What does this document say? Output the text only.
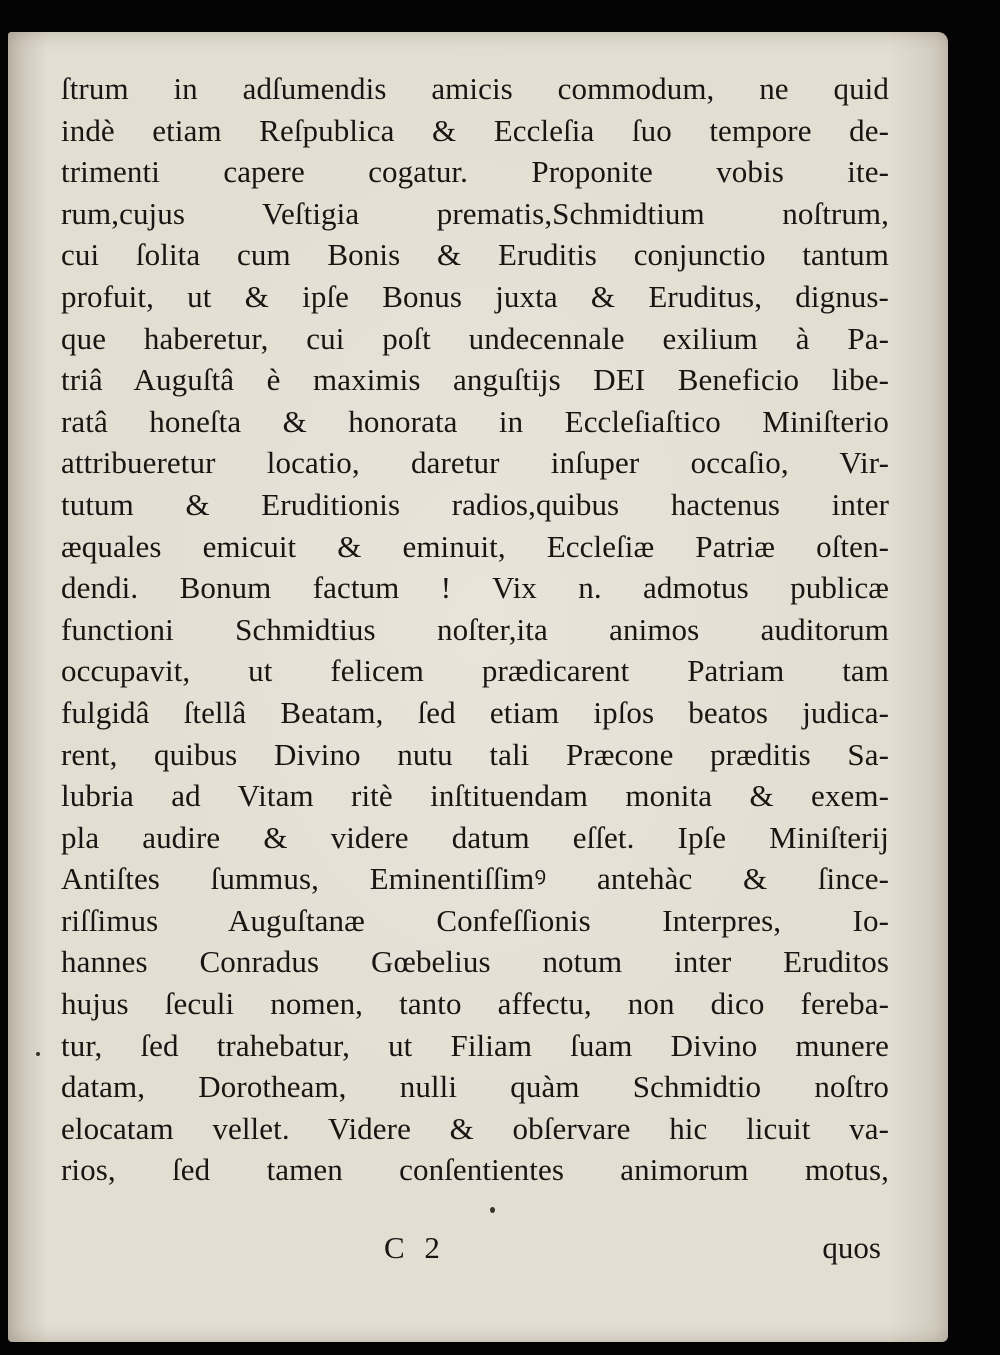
ſtrum in adſumendis amicis commodum, ne quid
indè etiam Reſpublica & Eccleſia ſuo tempore de-
trimenti capere cogatur. Proponite vobis ite-
rum,cujus Veſtigia prematis,Schmidtium noſtrum,
cui ſolita cum Bonis & Eruditis conjunctio tantum
profuit, ut & ipſe Bonus juxta & Eruditus, dignus-
que haberetur, cui poſt undecennale exilium à Pa-
triâ Auguſtâ è maximis anguſtijs DEI Beneficio libe-
ratâ honeſta & honorata in Eccleſiaſtico Miniſterio
attribueretur locatio, daretur inſuper occaſio, Vir-
tutum & Eruditionis radios,quibus hactenus inter
æquales emicuit & eminuit, Eccleſiæ Patriæ oſten-
dendi. Bonum factum ! Vix n. admotus publicæ
functioni Schmidtius noſter,ita animos auditorum
occupavit, ut felicem prædicarent Patriam tam
fulgidâ ſtellâ Beatam, ſed etiam ipſos beatos judica-
rent, quibus Divino nutu tali Præcone præditis Sa-
lubria ad Vitam ritè inſtituendam monita & exem-
pla audire & videre datum eſſet. Ipſe Miniſterij
Antiſtes ſummus, Eminentiſſimꝰ antehàc & ſince-
riſſimus Auguſtanæ Confeſſionis Interpres, Io-
hannes Conradus Gœbelius notum inter Eruditos
hujus ſeculi nomen, tanto affectu, non dico fereba-
tur, ſed trahebatur, ut Filiam ſuam Divino munere
datam, Dorotheam, nulli quàm Schmidtio noſtro
elocatam vellet. Videre & obſervare hic licuit va-
rios, ſed tamen conſentientes animorum motus,
C 2	quos
